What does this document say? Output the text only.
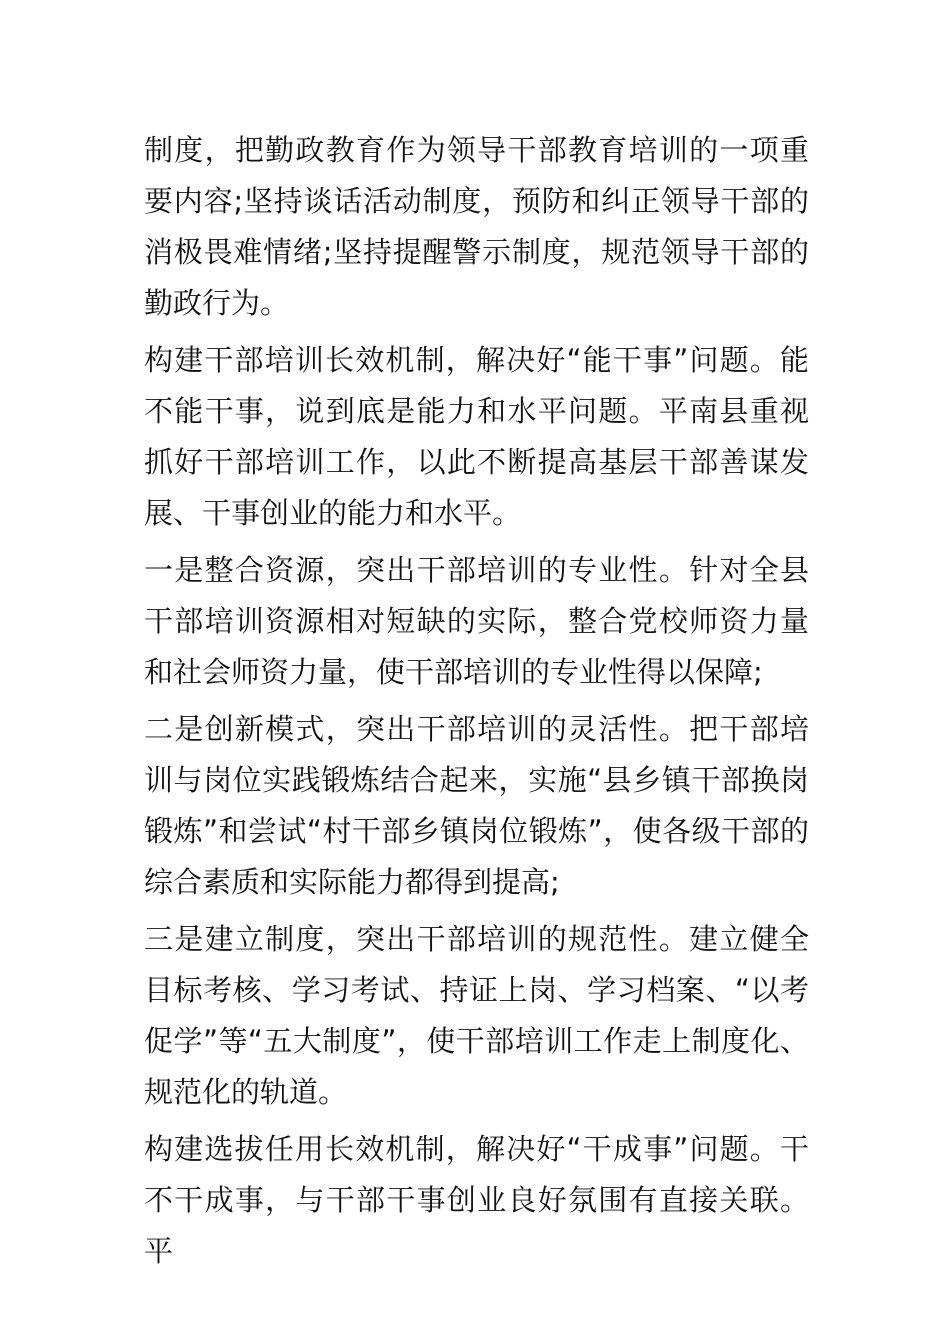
制度，把勤政教育作为领导干部教育培训的一项重要内容;坚持谈话活动制度，预防和纠正领导干部的消极畏难情绪;坚持提醒警示制度，规范领导干部的勤政行为。

构建干部培训长效机制，解决好“能干事”问题。能不能干事，说到底是能力和水平问题。平南县重视抓好干部培训工作，以此不断提高基层干部善谋发展、干事创业的能力和水平。

一是整合资源，突出干部培训的专业性。针对全县干部培训资源相对短缺的实际，整合党校师资力量和社会师资力量，使干部培训的专业性得以保障;

二是创新模式，突出干部培训的灵活性。把干部培训与岗位实践锻炼结合起来，实施“县乡镇干部换岗锻炼”和尝试“村干部乡镇岗位锻炼”，使各级干部的综合素质和实际能力都得到提高;

三是建立制度，突出干部培训的规范性。建立健全目标考核、学习考试、持证上岗、学习档案、“以考促学”等“五大制度”，使干部培训工作走上制度化、规范化的轨道。

构建选拔任用长效机制，解决好“干成事”问题。干不干成事，与干部干事创业良好氛围有直接关联。平
